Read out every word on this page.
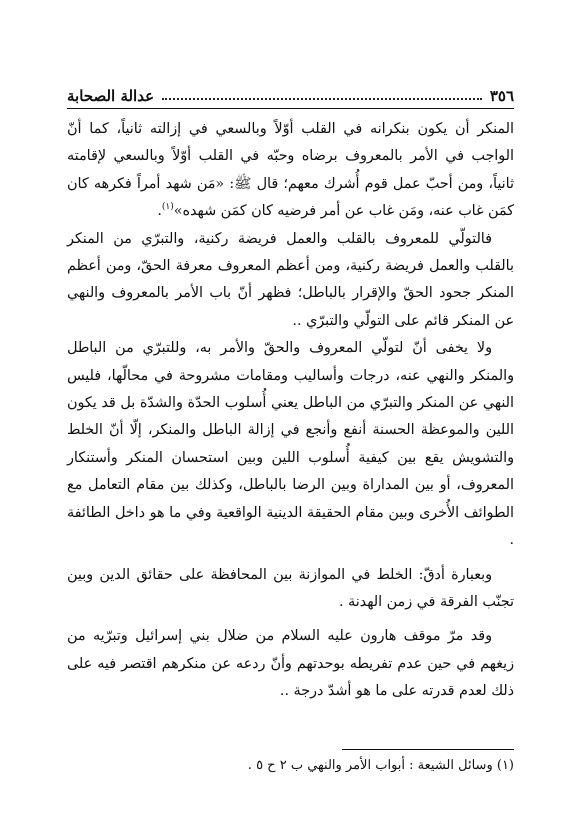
٣٥٦
عدالة الصحابة

المنكر أن يكون بنكرانه في القلب أوّلاً وبالسعي في إزالته ثانياً، كما أنّ الواجب في الأمر بالمعروف برضاه وحبّه في القلب أوّلاً وبالسعي لإقامته ثانياً، ومن أحبّ عمل قوم أُشرك معهم؛ قال ﷺ: «مَن شهد أمراً فكرهه كان كمَن غاب عنه، ومَن غاب عن أمر فرضيه كان كمَن شهده»$^{(١)}$.

فالتولّي للمعروف بالقلب والعمل فريضة ركنية، والتبرّي من المنكر بالقلب والعمل فريضة ركنية، ومن أعظم المعروف معرفة الحقّ، ومن أعظم المنكر جحود الحقّ والإقرار بالباطل؛ فظهر أنّ باب الأمر بالمعروف والنهي عن المنكر قائم على التولّي والتبرّي ..

ولا يخفى أنّ لتولّي المعروف والحقّ والأمر به، وللتبرّي من الباطل والمنكر والنهي عنه، درجات وأساليب ومقامات مشروحة في محالّها، فليس النهي عن المنكر والتبرّي من الباطل يعني أُسلوب الحدّة والشدّة بل قد يكون اللين والموعظة الحسنة أنفع وأنجع في إزالة الباطل والمنكر، إلّا أنّ الخلط والتشويش يقع بين كيفية أُسلوب اللين وبين استحسان المنكر وأستنكار المعروف، أو بين المداراة وبين الرضا بالباطل، وكذلك بين مقام التعامل مع الطوائف الأُخرى وبين مقام الحقيقة الدينية الواقعية وفي ما هو داخل الطائفة .

وبعبارة أدقّ: الخلط في الموازنة بين المحافظة على حقائق الدين وبين تجنّب الفرقة في زمن الهدنة .

وقد مرّ موقف هارون عليه السلام من ضلال بني إسرائيل وتبرّيه من زيغهم في حين عدم تفريطه بوحدتهم وأنّ ردعه عن منكرهم اقتصر فيه على ذلك لعدم قدرته على ما هو أشدّ درجة ..

(١) وسائل الشيعة : أبواب الأمر والنهي ب ٢ ح ٥ .
